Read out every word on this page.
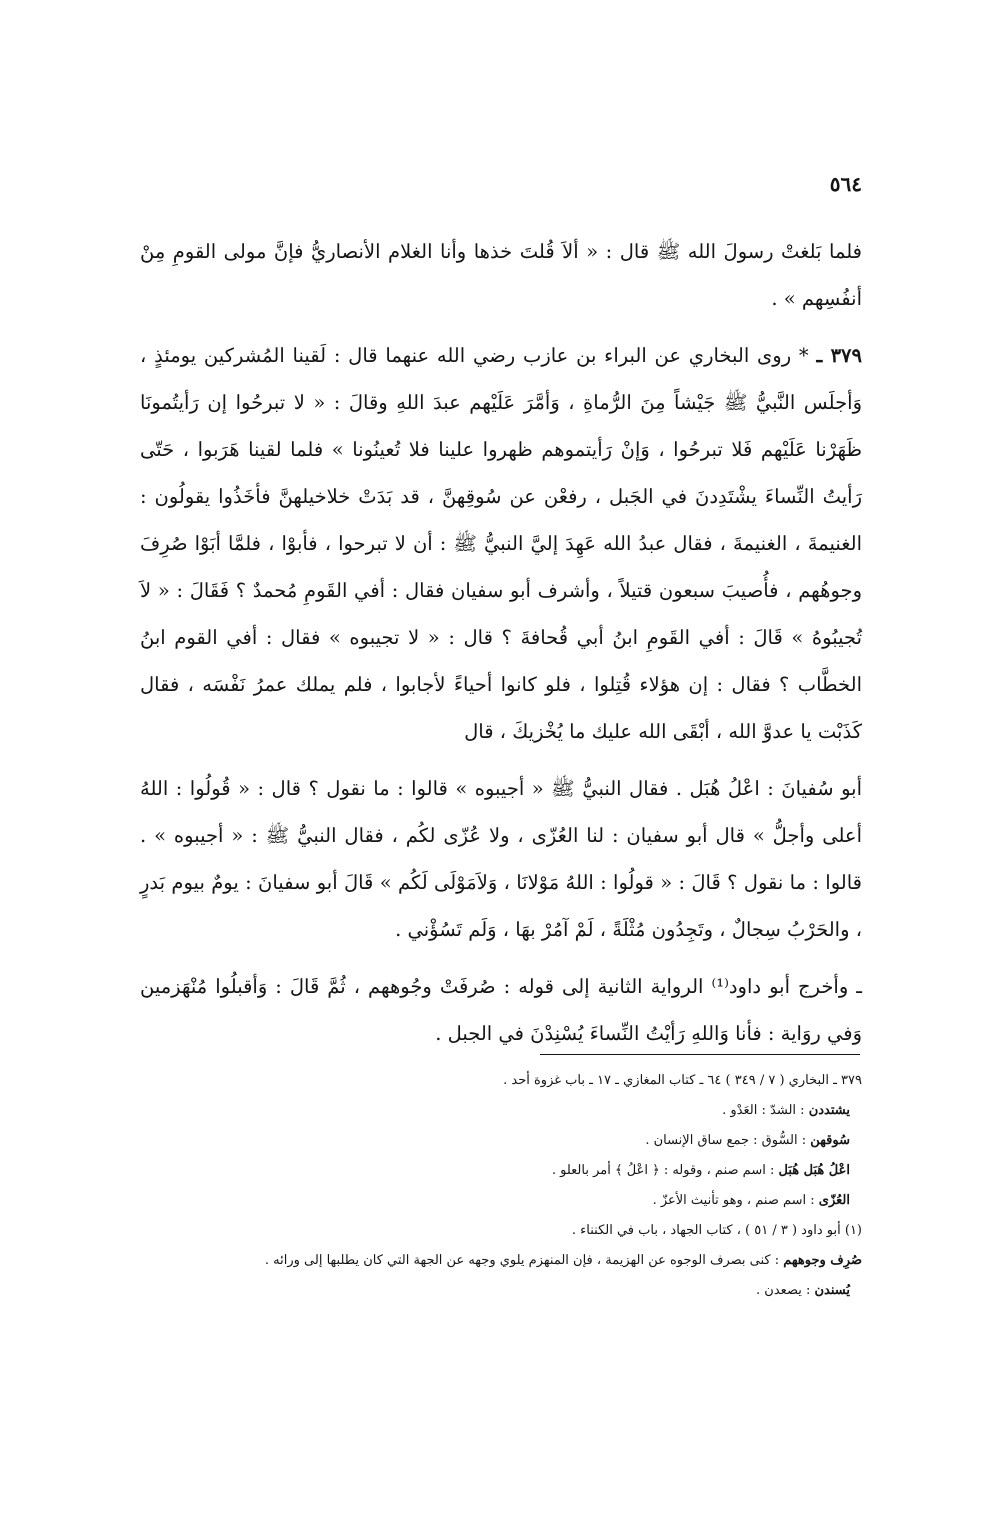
٥٦٤

فلما بَلغتْ رسولَ الله ﷺ قال : « ألاَ قُلتَ خذها وأنا الغلام الأنصاريُّ فإنَّ مولى القومِ مِنْ أنفُسِهم » .

٣٧٩ ـ * روى البخاري عن البراء بن عازب رضي الله عنهما قال : لَقينا المُشركين يومئذٍ ، وَأجلَس النَّبيُّ ﷺ جَيْشاً مِنَ الرُّماةِ ، وَأمَّرَ عَلَيْهم عبدَ اللهِ وقالَ : « لا تبرحُوا إن رَأيتُمونَا ظَهَرْنا عَلَيْهم فَلا تبرحُوا ، وَإنْ رَأيتموهم ظهروا علينا فلا تُعينُونا » فلما لقينا هَرَبوا ، حَتّى رَأيتُ النِّساءَ يشْتَدِدنَ في الجَبل ، رفعْن عن سُوقِهنَّ ، قد بَدَتْ خلاخيلهنَّ فأخَذُوا يقولُون : الغنيمةَ ، الغنيمةَ ، فقال عبدُ الله عَهِدَ إليَّ النبيُّ ﷺ : أن لا تبرحوا ، فأبوْا ، فلمَّا أبَوْا صُرِفَ وجوهُهم ، فأُصيبَ سبعون قتيلاً ، وأشرف أبو سفيان فقال : أفي القَومِ مُحمدٌ ؟ فَقَالَ : « لاَ تُجيبُوهُ » قَالَ : أفي القَومِ ابنُ أبي قُحافةَ ؟ قال : « لا تجيبوه » فقال : أفي القوم ابنُ الخطَّاب ؟ فقال : إن هؤلاء قُتِلوا ، فلو كانوا أحياءً لأجابوا ، فلم يملك عمرُ نَفْسَه ، فقال كَذَبْت يا عدوَّ الله ، أبْقَى الله عليك ما يُخْزيكَ ، قال

أبو سُفيانَ : اعْلُ هُبَل . فقال النبيُّ ﷺ « أجيبوه » قالوا : ما نقول ؟ قال : « قُولُوا : اللهُ أعلى وأجلُّ » قال أبو سفيان : لنا العُزّى ، ولا عُزّى لكُم ، فقال النبيُّ ﷺ : « أجيبوه » . قالوا : ما نقول ؟ قَالَ : « قولُوا : اللهُ مَوْلانَا ، وَلاَمَوْلَى لَكُم » قَالَ أبو سفيانَ : يومٌ بيوم بَدرٍ ، والحَرْبُ سِجالٌ ، وتَجِدُون مُثْلَةً ، لَمْ آمُرْ بهَا ، وَلَم تَسُؤْني .

ـ وأخرج أبو داود⁽¹⁾ الرواية الثانية إلى قوله : صُرفَتْ وجُوههم ، ثُمَّ قَالَ : وَأقبلُوا مُنْهَزمين وَفي روَاية : فأنا وَاللهِ رَأيْتُ النِّساءَ يُسْنِدْنَ في الجبل .

٣٧٩ ـ البخاري ( ٧ / ٣٤٩ ) ٦٤ ـ كتاب المغازي ـ ١٧ ـ باب غزوة أحد .
يشتددن : الشدّ : العَدْو .
سُوقهن : السُّوق : جمع ساق الإنسان .
اعْلُ هُبَل هُبَل : اسم صنم ، وقوله : ﴿ اعْلُ ﴾ أمر بالعلو .
العُزّى : اسم صنم ، وهو تأنيث الأعزّ .
(١) أبو داود ( ٣ / ٥١ ) ، كتاب الجهاد ، باب في الكنناء .
صُرِف وجوههم : كنى بصرف الوجوه عن الهزيمة ، فإن المنهزم يلوي وجهه عن الجهة التي كان يطلبها إلى ورائه .
يُسندن : يصعدن .
